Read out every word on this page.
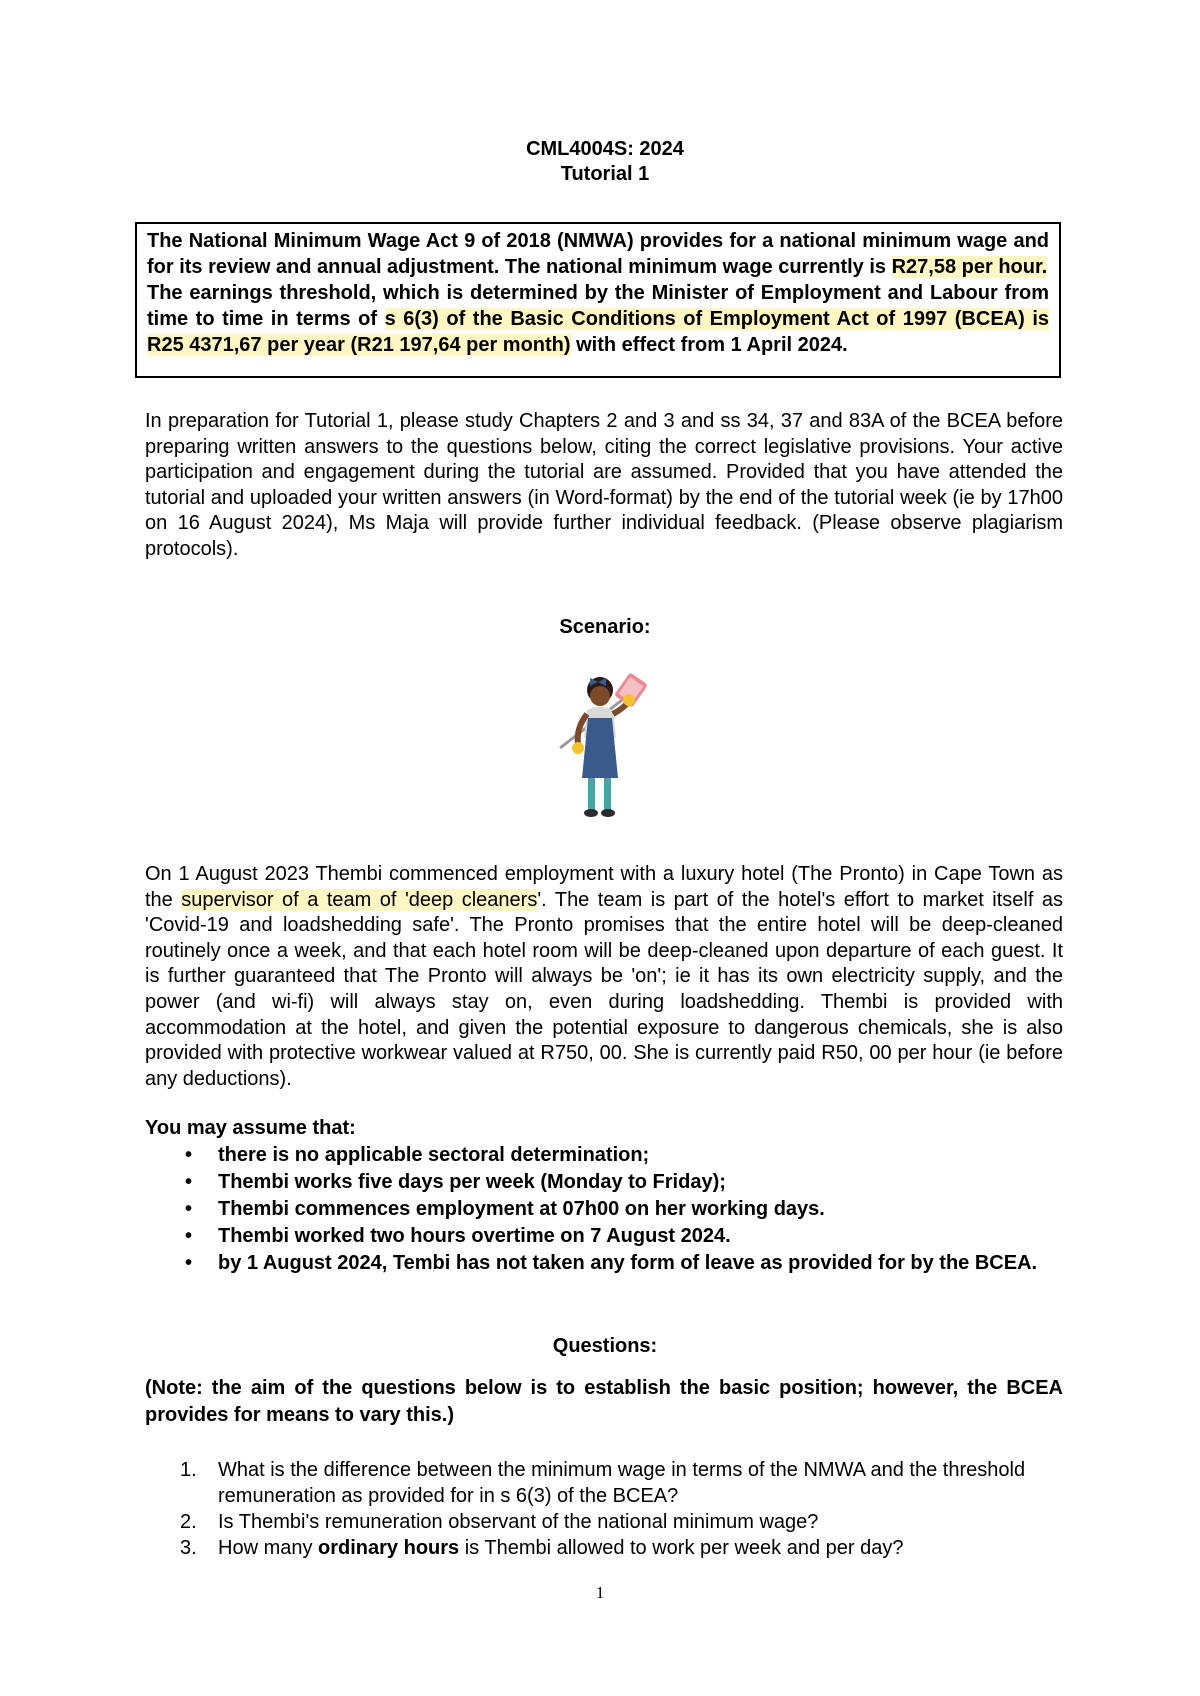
CML4004S: 2024
Tutorial 1

The National Minimum Wage Act 9 of 2018 (NMWA) provides for a national minimum wage and for its review and annual adjustment. The national minimum wage currently is R27,58 per hour.

The earnings threshold, which is determined by the Minister of Employment and Labour from time to time in terms of s 6(3) of the Basic Conditions of Employment Act of 1997 (BCEA) is R25 4371,67 per year (R21 197,64 per month) with effect from 1 April 2024.

In preparation for Tutorial 1, please study Chapters 2 and 3 and ss 34, 37 and 83A of the BCEA before preparing written answers to the questions below, citing the correct legislative provisions. Your active participation and engagement during the tutorial are assumed. Provided that you have attended the tutorial and uploaded your written answers (in Word-format) by the end of the tutorial week (ie by 17h00 on 16 August 2024), Ms Maja will provide further individual feedback. (Please observe plagiarism protocols).

Scenario:

On 1 August 2023 Thembi commenced employment with a luxury hotel (The Pronto) in Cape Town as the supervisor of a team of 'deep cleaners'. The team is part of the hotel's effort to market itself as 'Covid-19 and loadshedding safe'. The Pronto promises that the entire hotel will be deep-cleaned routinely once a week, and that each hotel room will be deep-cleaned upon departure of each guest. It is further guaranteed that The Pronto will always be 'on'; ie it has its own electricity supply, and the power (and wi-fi) will always stay on, even during loadshedding. Thembi is provided with accommodation at the hotel, and given the potential exposure to dangerous chemicals, she is also provided with protective workwear valued at R750, 00. She is currently paid R50, 00 per hour (ie before any deductions).

You may assume that:

• there is no applicable sectoral determination;
• Thembi works five days per week (Monday to Friday);
• Thembi commences employment at 07h00 on her working days.
• Thembi worked two hours overtime on 7 August 2024.
• by 1 August 2024, Tembi has not taken any form of leave as provided for by the BCEA.
Questions:

(Note: the aim of the questions below is to establish the basic position; however, the BCEA provides for means to vary this.)

1. What is the difference between the minimum wage in terms of the NMWA and the threshold remuneration as provided for in s 6(3) of the BCEA?
2. Is Thembi's remuneration observant of the national minimum wage?
3. How many ordinary hours is Thembi allowed to work per week and per day?
1
